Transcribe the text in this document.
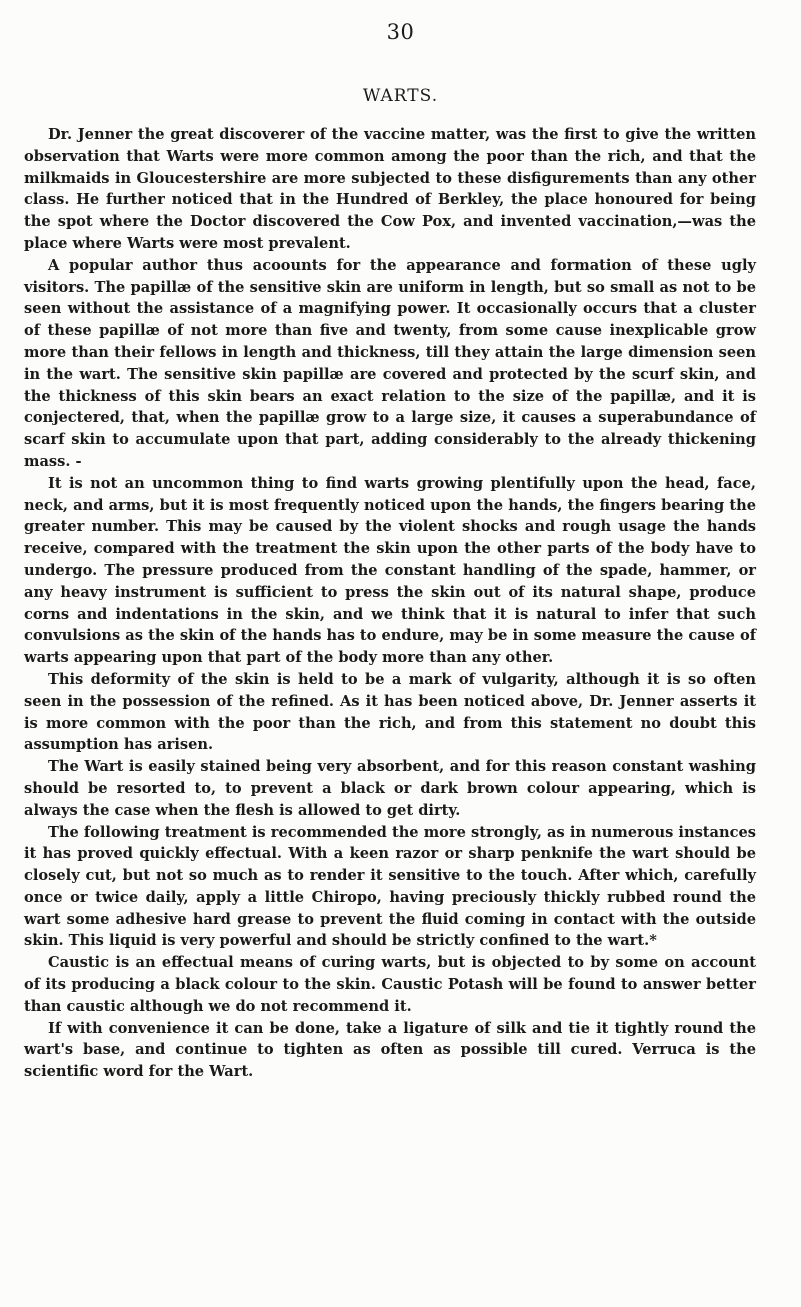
30
WARTS.

Dr. Jenner the great discoverer of the vaccine matter, was the first to give the written observation that Warts were more common among the poor than the rich, and that the milkmaids in Gloucestershire are more subjected to these disfigurements than any other class. He further noticed that in the Hundred of Berkley, the place honoured for being the spot where the Doctor discovered the Cow Pox, and invented vaccination,—was the place where Warts were most prevalent.

A popular author thus acoounts for the appearance and formation of these ugly visitors. The papillæ of the sensitive skin are uniform in length, but so small as not to be seen without the assistance of a magnifying power. It occasionally occurs that a cluster of these papillæ of not more than five and twenty, from some cause inexplicable grow more than their fellows in length and thickness, till they attain the large dimension seen in the wart. The sensitive skin papillæ are covered and protected by the scurf skin, and the thickness of this skin bears an exact relation to the size of the papillæ, and it is conjectered, that, when the papillæ grow to a large size, it causes a superabundance of scarf skin to accumulate upon that part, adding considerably to the already thickening mass. -

It is not an uncommon thing to find warts growing plentifully upon the head, face, neck, and arms, but it is most frequently noticed upon the hands, the fingers bearing the greater number. This may be caused by the violent shocks and rough usage the hands receive, compared with the treatment the skin upon the other parts of the body have to undergo. The pressure produced from the constant handling of the spade, hammer, or any heavy instrument is sufficient to press the skin out of its natural shape, produce corns and indentations in the skin, and we think that it is natural to infer that such convulsions as the skin of the hands has to endure, may be in some measure the cause of warts appearing upon that part of the body more than any other.

This deformity of the skin is held to be a mark of vulgarity, although it is so often seen in the possession of the refined. As it has been noticed above, Dr. Jenner asserts it is more common with the poor than the rich, and from this statement no doubt this assumption has arisen.

The Wart is easily stained being very absorbent, and for this reason constant washing should be resorted to, to prevent a black or dark brown colour appearing, which is always the case when the flesh is allowed to get dirty.

The following treatment is recommended the more strongly, as in numerous instances it has proved quickly effectual. With a keen razor or sharp penknife the wart should be closely cut, but not so much as to render it sensitive to the touch. After which, carefully once or twice daily, apply a little Chiropo, having preciously thickly rubbed round the wart some adhesive hard grease to prevent the fluid coming in contact with the outside skin. This liquid is very powerful and should be strictly confined to the wart.*

Caustic is an effectual means of curing warts, but is objected to by some on account of its producing a black colour to the skin. Caustic Potash will be found to answer better than caustic although we do not recommend it.

If with convenience it can be done, take a ligature of silk and tie it tightly round the wart's base, and continue to tighten as often as possible till cured. Verruca is the scientific word for the Wart.
